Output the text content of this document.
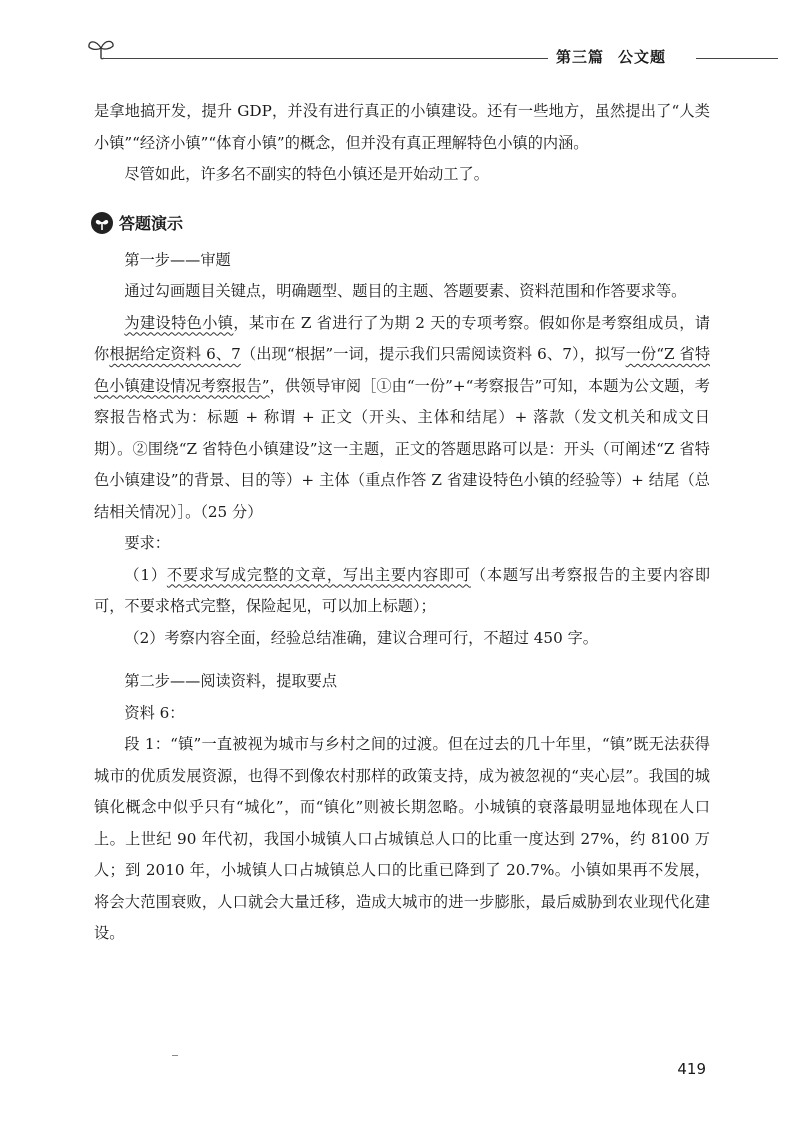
第三篇 公文题

是拿地搞开发，提升 GDP，并没有进行真正的小镇建设。还有一些地方，虽然提出了“人类小镇”“经济小镇”“体育小镇”的概念，但并没有真正理解特色小镇的内涵。

尽管如此，许多名不副实的特色小镇还是开始动工了。

答题演示

第一步——审题

通过勾画题目关键点，明确题型、题目的主题、答题要素、资料范围和作答要求等。

为建设特色小镇，某市在 Z 省进行了为期 2 天的专项考察。假如你是考察组成员，请你根据给定资料 6、7（出现“根据”一词，提示我们只需阅读资料 6、7），拟写一份“Z 省特色小镇建设情况考察报告”，供领导审阅［①由“一份”+“考察报告”可知，本题为公文题，考察报告格式为：标题 + 称谓 + 正文（开头、主体和结尾）+ 落款（发文机关和成文日期）。②围绕“Z 省特色小镇建设”这一主题，正文的答题思路可以是：开头（可阐述“Z 省特色小镇建设”的背景、目的等）+ 主体（重点作答 Z 省建设特色小镇的经验等）+ 结尾（总结相关情况）］。（25 分）

要求：

（1）不要求写成完整的文章，写出主要内容即可（本题写出考察报告的主要内容即可，不要求格式完整，保险起见，可以加上标题）；

（2）考察内容全面，经验总结准确，建议合理可行，不超过 450 字。

第二步——阅读资料，提取要点

资料 6：

段 1：“镇”一直被视为城市与乡村之间的过渡。但在过去的几十年里，“镇”既无法获得城市的优质发展资源，也得不到像农村那样的政策支持，成为被忽视的“夹心层”。我国的城镇化概念中似乎只有“城化”，而“镇化”则被长期忽略。小城镇的衰落最明显地体现在人口上。上世纪 90 年代初，我国小城镇人口占城镇总人口的比重一度达到 27%，约 8100 万人；到 2010 年，小城镇人口占城镇总人口的比重已降到了 20.7%。小镇如果再不发展，将会大范围衰败，人口就会大量迁移，造成大城市的进一步膨胀，最后威胁到农业现代化建设。

419
